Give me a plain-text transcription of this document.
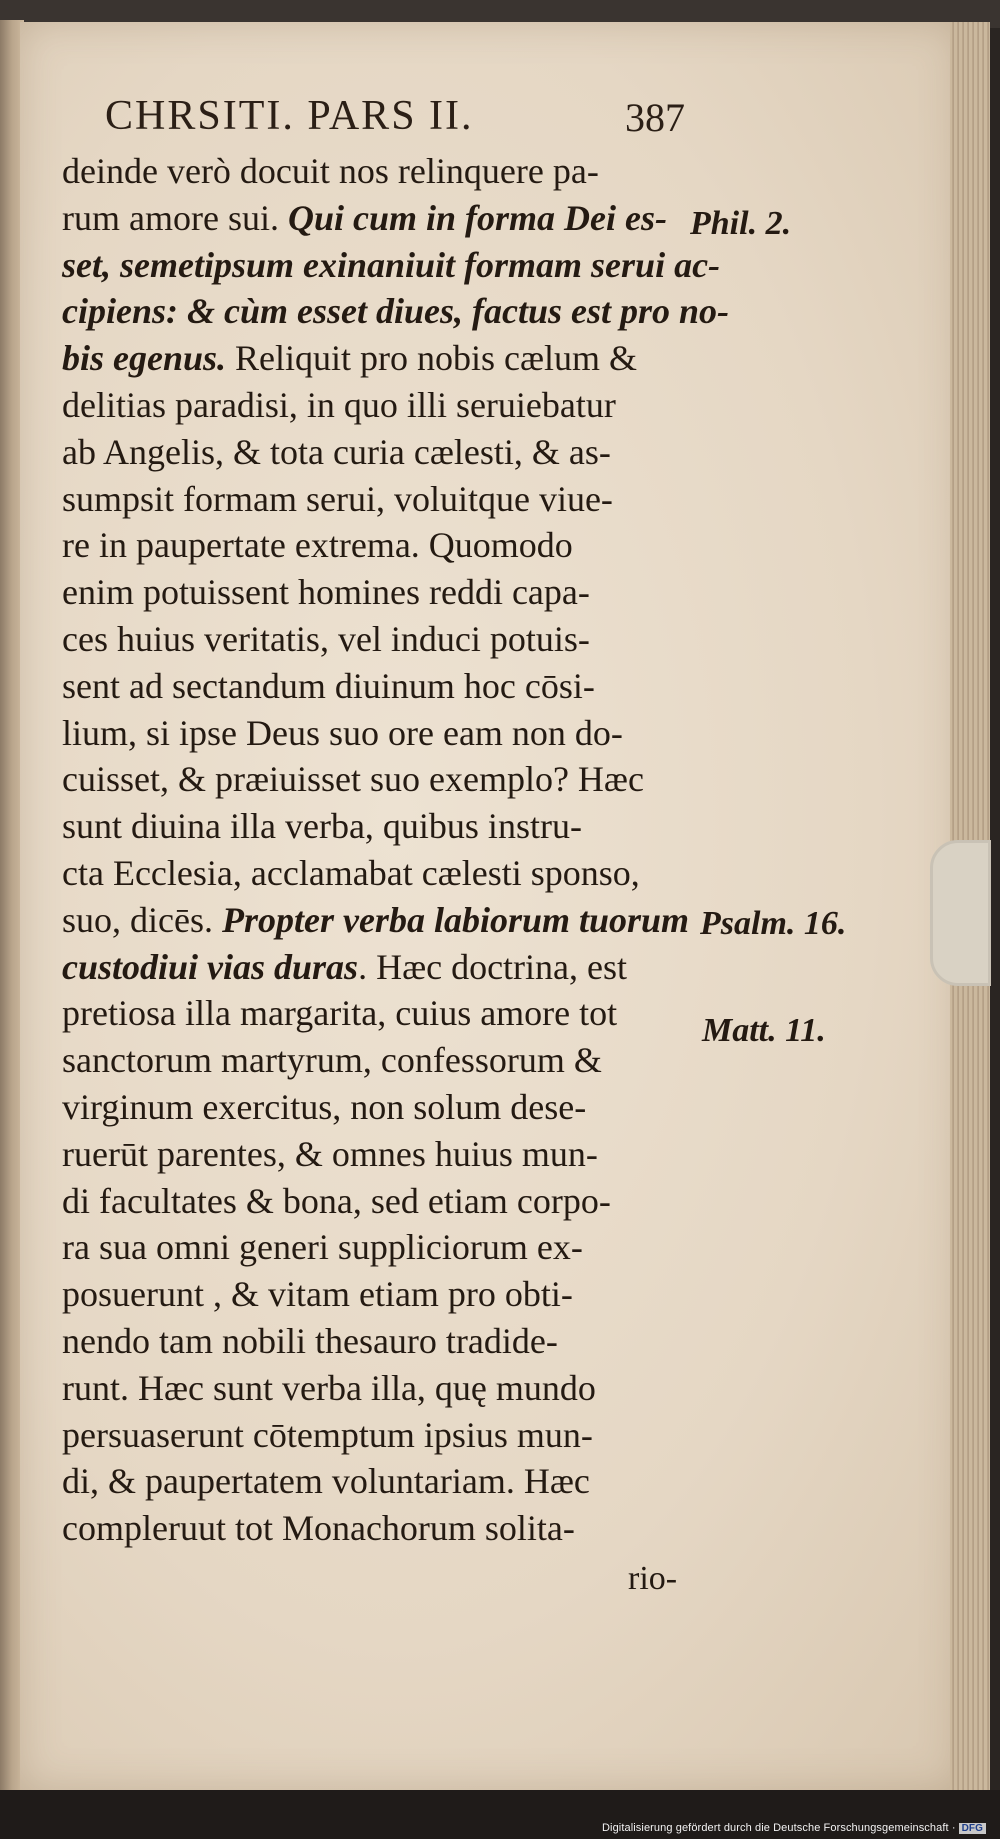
CHRSITI. PARS II.	387
deinde verò docuit nos relinquere pa-
rum amore sui. Qui cum in forma Dei es-
set, semetipsum exinaniuit formam serui ac-
cipiens: & cùm esset diues, factus est pro no-
bis egenus. Reliquit pro nobis cælum &
delitias paradisi, in quo illi seruiebatur
ab Angelis, & tota curia cælesti, & as-
sumpsit formam serui, voluitque viue-
re in paupertate extrema. Quomodo
enim potuissent homines reddi capa-
ces huius veritatis, vel induci potuis-
sent ad sectandum diuinum hoc cōsi-
lium, si ipse Deus suo ore eam non do-
cuisset, & præiuisset suo exemplo? Hæc
sunt diuina illa verba, quibus instru-
cta Ecclesia, acclamabat cælesti sponso,
suo, dicēs. Propter verba labiorum tuorum
custodiui vias duras. Hæc doctrina, est
pretiosa illa margarita, cuius amore tot
sanctorum martyrum, confessorum &
virginum exercitus, non solum dese-
ruerūt parentes, & omnes huius mun-
di facultates & bona, sed etiam corpo-
ra sua omni generi suppliciorum ex-
posuerunt , & vitam etiam pro obti-
nendo tam nobili thesauro tradide-
runt. Hæc sunt verba illa, quę mundo
persuaserunt cōtemptum ipsius mun-
di, & paupertatem voluntariam. Hæc
compleruut tot Monachorum solita-
rio-
Phil. 2.
Psalm. 16.
Matt. 11.
Digitalisierung gefördert durch die Deutsche Forschungsgemeinschaft · DFG
